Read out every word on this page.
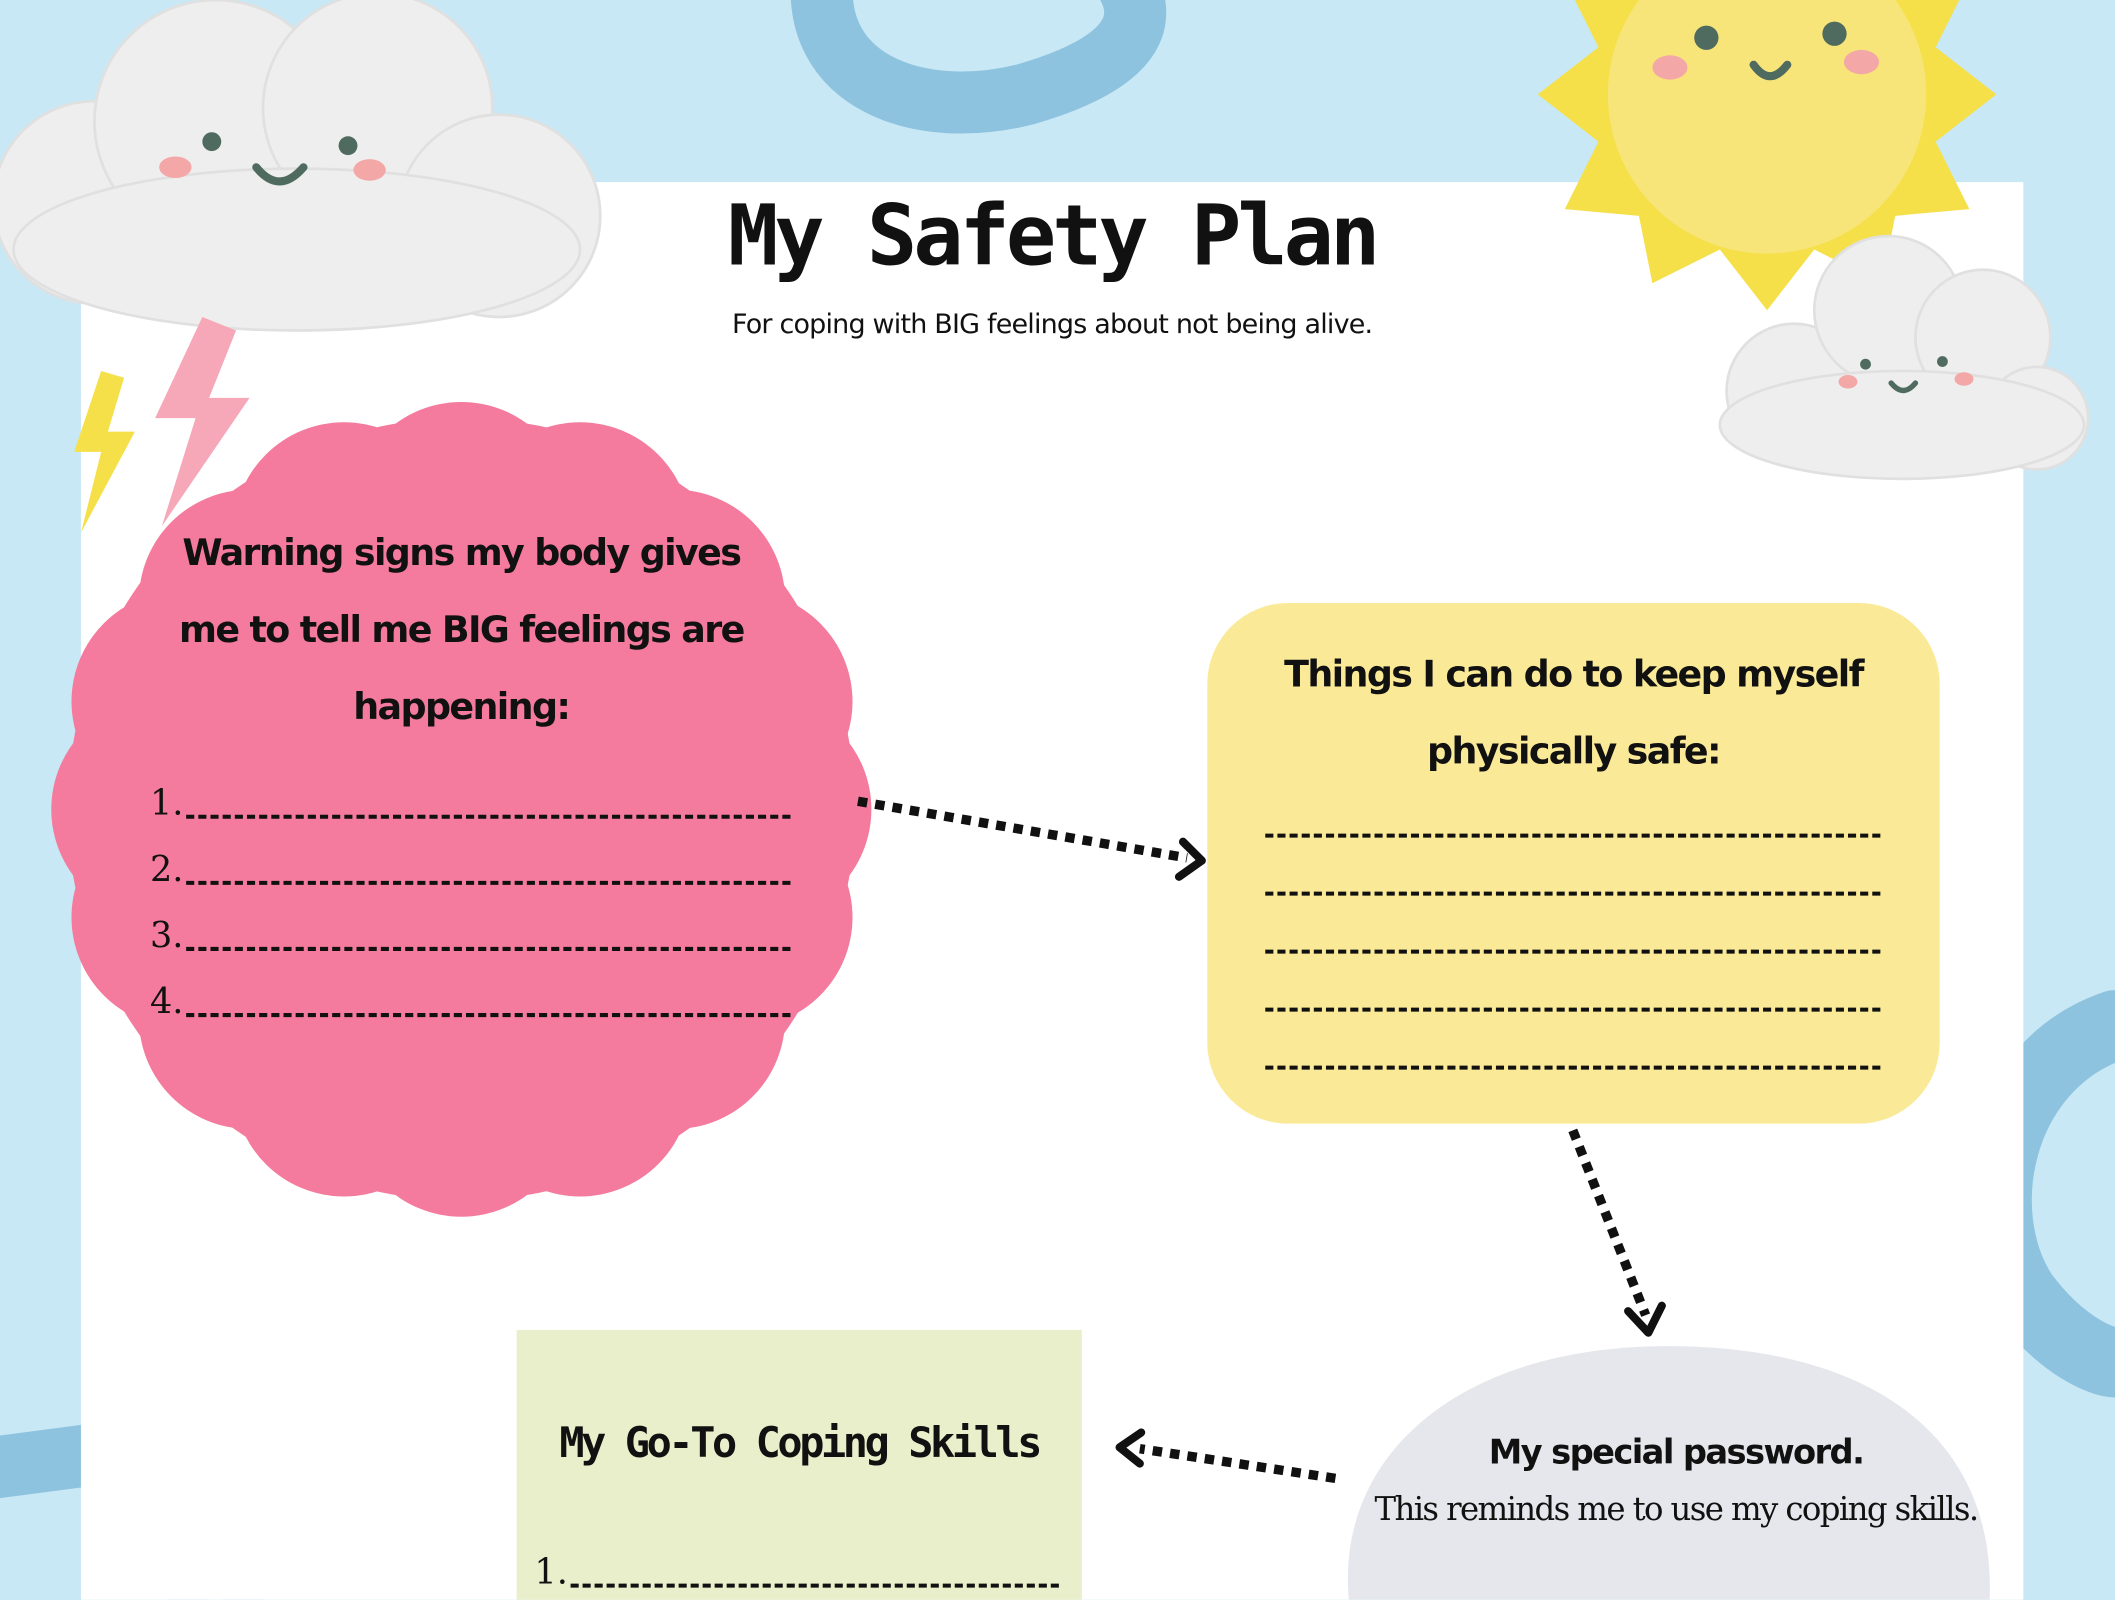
My Safety Plan
For coping with BIG feelings about not being alive.
Warning signs my body gives
me to tell me BIG feelings are
happening:
1.
2.
3.
4.
Things I can do to keep myself
physically safe:
My special password.
This reminds me to use my coping skills.
My Go-To Coping Skills
1.
